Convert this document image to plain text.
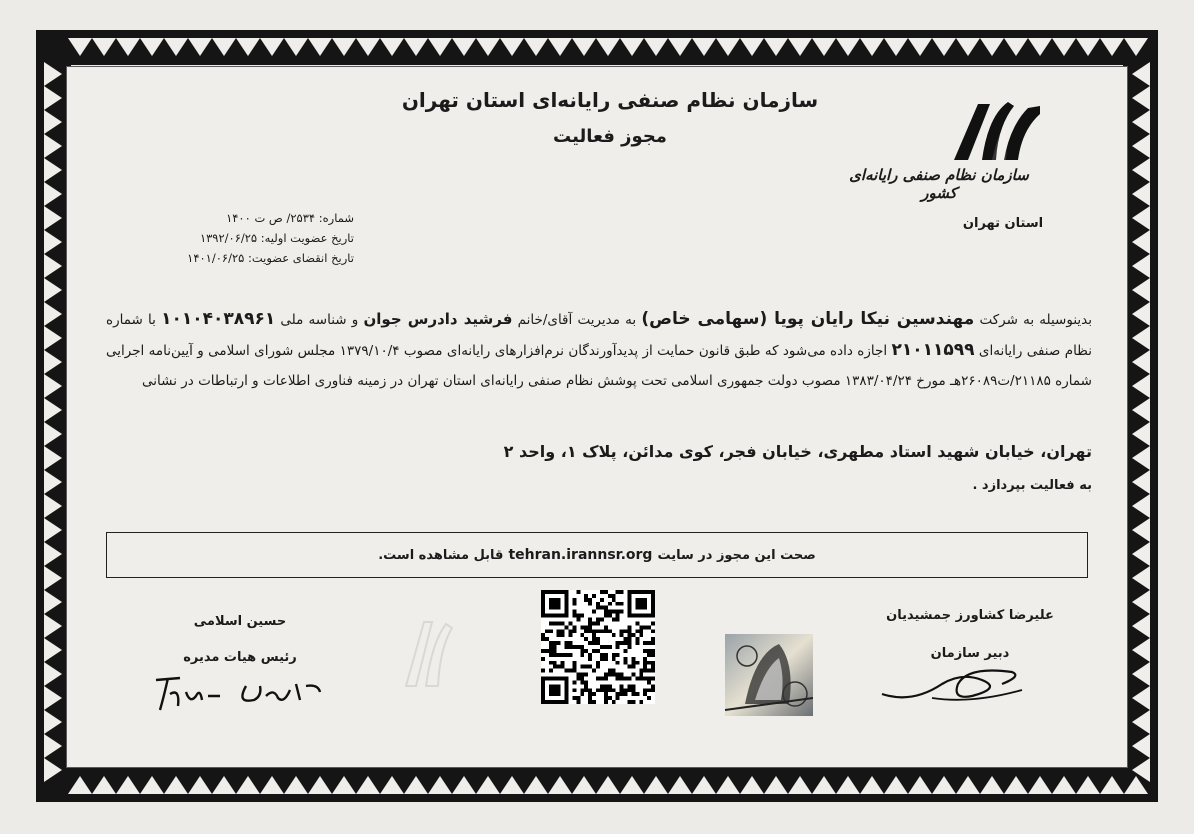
سازمان نظام صنفی رایانه‌ای استان تهران
مجوز فعالیت
سازمان نظام صنفی رایانه‌ای کشور
استان تهران
شماره: ۲۵۳۴/ ص ت ۱۴۰۰
تاریخ عضویت اولیه: ۱۳۹۲/۰۶/۲۵
تاریخ انقضای عضویت: ۱۴۰۱/۰۶/۲۵
بدینوسیله به شرکت مهندسین نیکا رایان پویا (سهامی خاص) به مدیریت آقای/خانم فرشید دادرس جوان و شناسه ملی ۱۰۱۰۴۰۳۸۹۶۱ با شماره نظام صنفی رایانه‌ای ۲۱۰۱۱۵۹۹ اجازه داده می‌شود که طبق قانون حمایت از پدیدآورندگان نرم‌افزارهای رایانه‌ای مصوب ۱۳۷۹/۱۰/۴ مجلس شورای اسلامی و آیین‌نامه اجرایی شماره ۲۱۱۸۵/ت۲۶۰۸۹هـ مورخ ۱۳۸۳/۰۴/۲۴ مصوب دولت جمهوری اسلامی تحت پوشش نظام صنفی رایانه‌ای استان تهران در زمینه فناوری اطلاعات و ارتباطات در نشانی
تهران، خیابان شهید استاد مطهری، خیابان فجر، کوی مدائن، پلاک ۱، واحد ۲
به فعالیت بپردازد .
صحت این مجوز در سایت
tehran.irannsr.org
قابل مشاهده است.
علیرضا کشاورز جمشیدیان
دبیر سازمان
حسین اسلامی
رئیس هیات مدیره
